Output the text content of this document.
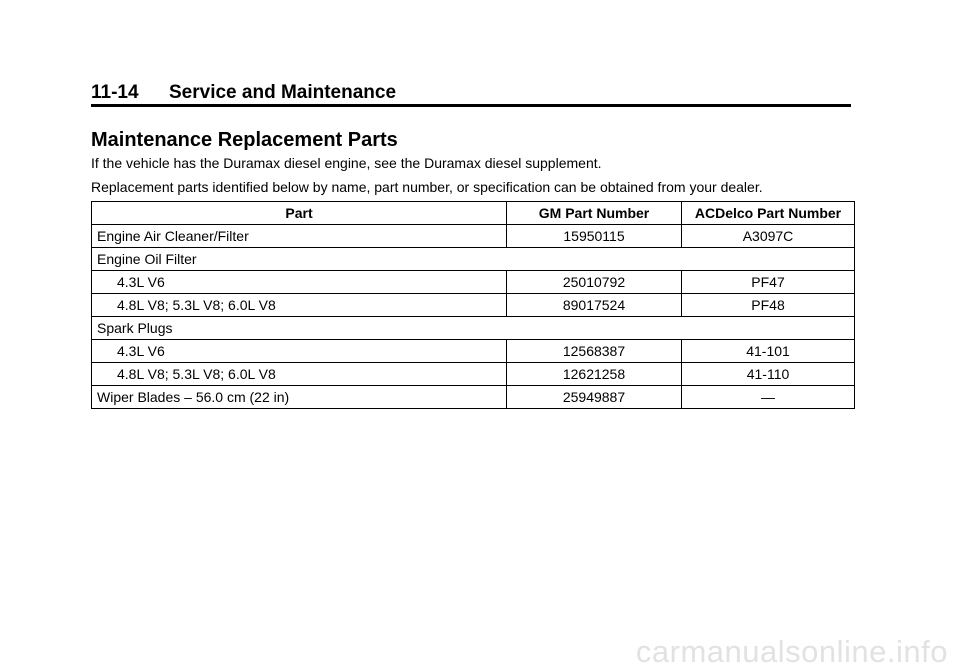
11-14 Service and Maintenance
Maintenance Replacement Parts

If the vehicle has the Duramax diesel engine, see the Duramax diesel supplement.

Replacement parts identified below by name, part number, or specification can be obtained from your dealer.

Part	GM Part Number	ACDelco Part Number
Engine Air Cleaner/Filter	15950115	A3097C
Engine Oil Filter		
4.3L V6	25010792	PF47
4.8L V8; 5.3L V8; 6.0L V8	89017524	PF48
Spark Plugs		
4.3L V6	12568387	41-101
4.8L V8; 5.3L V8; 6.0L V8	12621258	41-110
Wiper Blades – 56.0 cm (22 in)	25949887	—
carmanualsonline.info
